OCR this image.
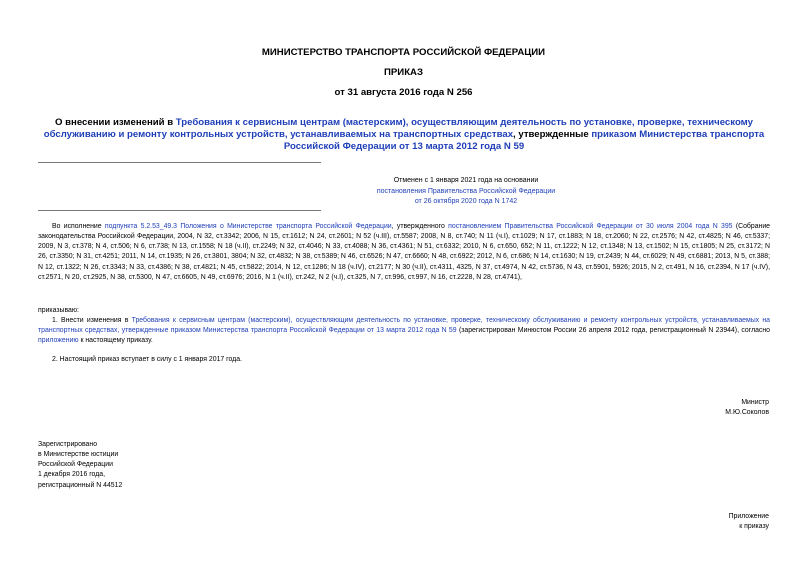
МИНИСТЕРСТВО ТРАНСПОРТА РОССИЙСКОЙ ФЕДЕРАЦИИ
ПРИКАЗ
от 31 августа 2016 года N 256
О внесении изменений в Требования к сервисным центрам (мастерским), осуществляющим деятельность по установке, проверке, техническому обслуживанию и ремонту контрольных устройств, устанавливаемых на транспортных средствах, утвержденные приказом Министерства транспорта Российской Федерации от 13 марта 2012 года N 59
Отменен с 1 января 2021 года на основании
постановления Правительства Российской Федерации
от 26 октября 2020 года N 1742
Во исполнение подпункта 5.2.53_49.3 Положения о Министерстве транспорта Российской Федерации, утвержденного постановлением Правительства Российской Федерации от 30 июля 2004 года N 395 (Собрание законодательства Российской Федерации, 2004, N 32, ст.3342; 2006, N 15, ст.1612; N 24, ст.2601; N 52 (ч.III), ст.5587; 2008, N 8, ст.740; N 11 (ч.I), ст.1029; N 17, ст.1883; N 18, ст.2060; N 22, ст.2576; N 42, ст.4825; N 46, ст.5337; 2009, N 3, ст.378; N 4, ст.506; N 6, ст.738; N 13, ст.1558; N 18 (ч.II), ст.2249; N 32, ст.4046; N 33, ст.4088; N 36, ст.4361; N 51, ст.6332; 2010, N 6, ст.650, 652; N 11, ст.1222; N 12, ст.1348; N 13, ст.1502; N 15, ст.1805; N 25, ст.3172; N 26, ст.3350; N 31, ст.4251; 2011, N 14, ст.1935; N 26, ст.3801, 3804; N 32, ст.4832; N 38, ст.5389; N 46, ст.6526; N 47, ст.6660; N 48, ст.6922; 2012, N 6, ст.686; N 14, ст.1630; N 19, ст.2439; N 44, ст.6029; N 49, ст.6881; 2013, N 5, ст.388; N 12, ст.1322; N 26, ст.3343; N 33, ст.4386; N 38, ст.4821; N 45, ст.5822; 2014, N 12, ст.1286; N 18 (ч.IV), ст.2177; N 30 (ч.II), ст.4311, 4325, N 37, ст.4974, N 42, ст.5736, N 43, ст.5901, 5926; 2015, N 2, ст.491, N 16, ст.2394, N 17 (ч.IV), ст.2571, N 20, ст.2925, N 38, ст.5300, N 47, ст.6605, N 49, ст.6976; 2016, N 1 (ч.II), ст.242, N 2 (ч.I), ст.325, N 7, ст.996, ст.997, N 16, ст.2228, N 28, ст.4741),
приказываю:
1. Внести изменения в Требования к сервисным центрам (мастерским), осуществляющим деятельность по установке, проверке, техническому обслуживанию и ремонту контрольных устройств, устанавливаемых на транспортных средствах, утвержденные приказом Министерства транспорта Российской Федерации от 13 марта 2012 года N 59 (зарегистрирован Минюстом России 26 апреля 2012 года, регистрационный N 23944), согласно приложению к настоящему приказу.
2. Настоящий приказ вступает в силу с 1 января 2017 года.
Министр
М.Ю.Соколов
Зарегистрировано
в Министерстве юстиции
Российской Федерации
1 декабря 2016 года,
регистрационный N 44512
Приложение
к приказу
